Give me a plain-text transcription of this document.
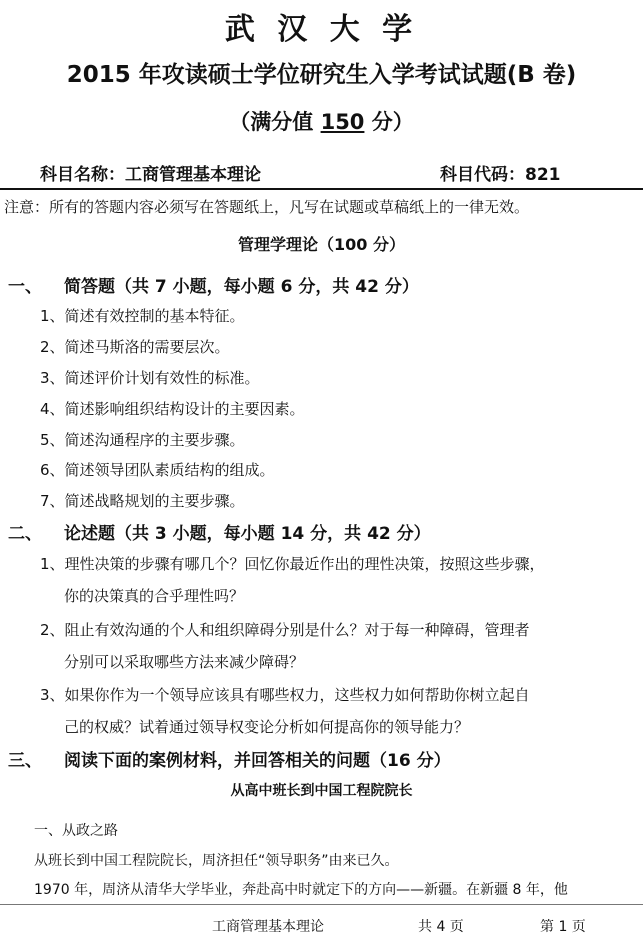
武 汉 大 学
2015 年攻读硕士学位研究生入学考试试题(B 卷)
（满分值 150 分）
科目名称：工商管理基本理论	科目代码：821
注意：所有的答题内容必须写在答题纸上，凡写在试题或草稿纸上的一律无效。
管理学理论（100 分）
一、 简答题（共 7 小题，每小题 6 分，共 42 分）
1、简述有效控制的基本特征。
2、简述马斯洛的需要层次。
3、简述评价计划有效性的标准。
4、简述影响组织结构设计的主要因素。
5、简述沟通程序的主要步骤。
6、简述领导团队素质结构的组成。
7、简述战略规划的主要步骤。
二、 论述题（共 3 小题，每小题 14 分，共 42 分）
1、理性决策的步骤有哪几个？回忆你最近作出的理性决策，按照这些步骤，
你的决策真的合乎理性吗？
2、阻止有效沟通的个人和组织障碍分别是什么？对于每一种障碍，管理者
分别可以采取哪些方法来减少障碍？
3、如果你作为一个领导应该具有哪些权力，这些权力如何帮助你树立起自
己的权威？试着通过领导权变论分析如何提高你的领导能力？
三、 阅读下面的案例材料，并回答相关的问题（16 分）
从高中班长到中国工程院院长
一、从政之路
从班长到中国工程院院长，周济担任“领导职务”由来已久。
1970 年，周济从清华大学毕业，奔赴高中时就定下的方向——新疆。在新疆 8 年，他
工商管理基本理论	共 4 页	第 1 页
